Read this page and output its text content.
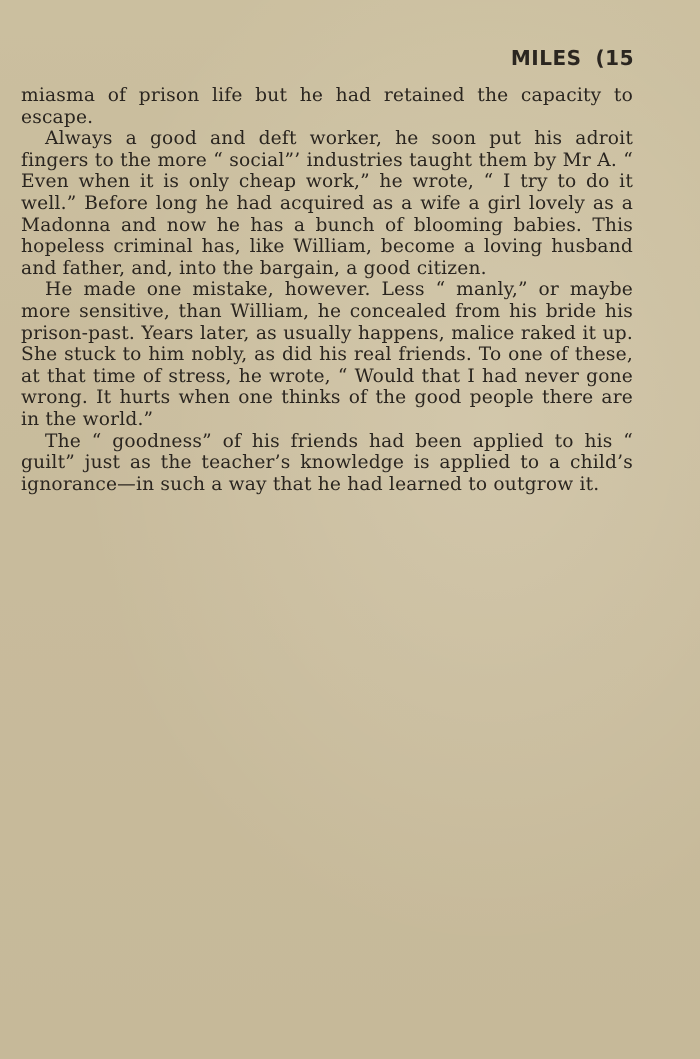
MILES (15

miasma of prison life but he had retained the capacity to escape.

Always a good and deft worker, he soon put his adroit fingers to the more “ social”’ industries taught them by Mr A. “ Even when it is only cheap work,” he wrote, “ I try to do it well.” Before long he had acquired as a wife a girl lovely as a Madonna and now he has a bunch of blooming babies. This hopeless criminal has, like William, become a loving husband and father, and, into the bargain, a good citizen.

He made one mistake, however. Less “ manly,” or maybe more sensitive, than William, he concealed from his bride his prison-past. Years later, as usually happens, malice raked it up. She stuck to him nobly, as did his real friends. To one of these, at that time of stress, he wrote, “ Would that I had never gone wrong. It hurts when one thinks of the good people there are in the world.”

The “ goodness” of his friends had been applied to his “ guilt” just as the teacher’s knowledge is applied to a child’s ignorance—in such a way that he had learned to outgrow it.
